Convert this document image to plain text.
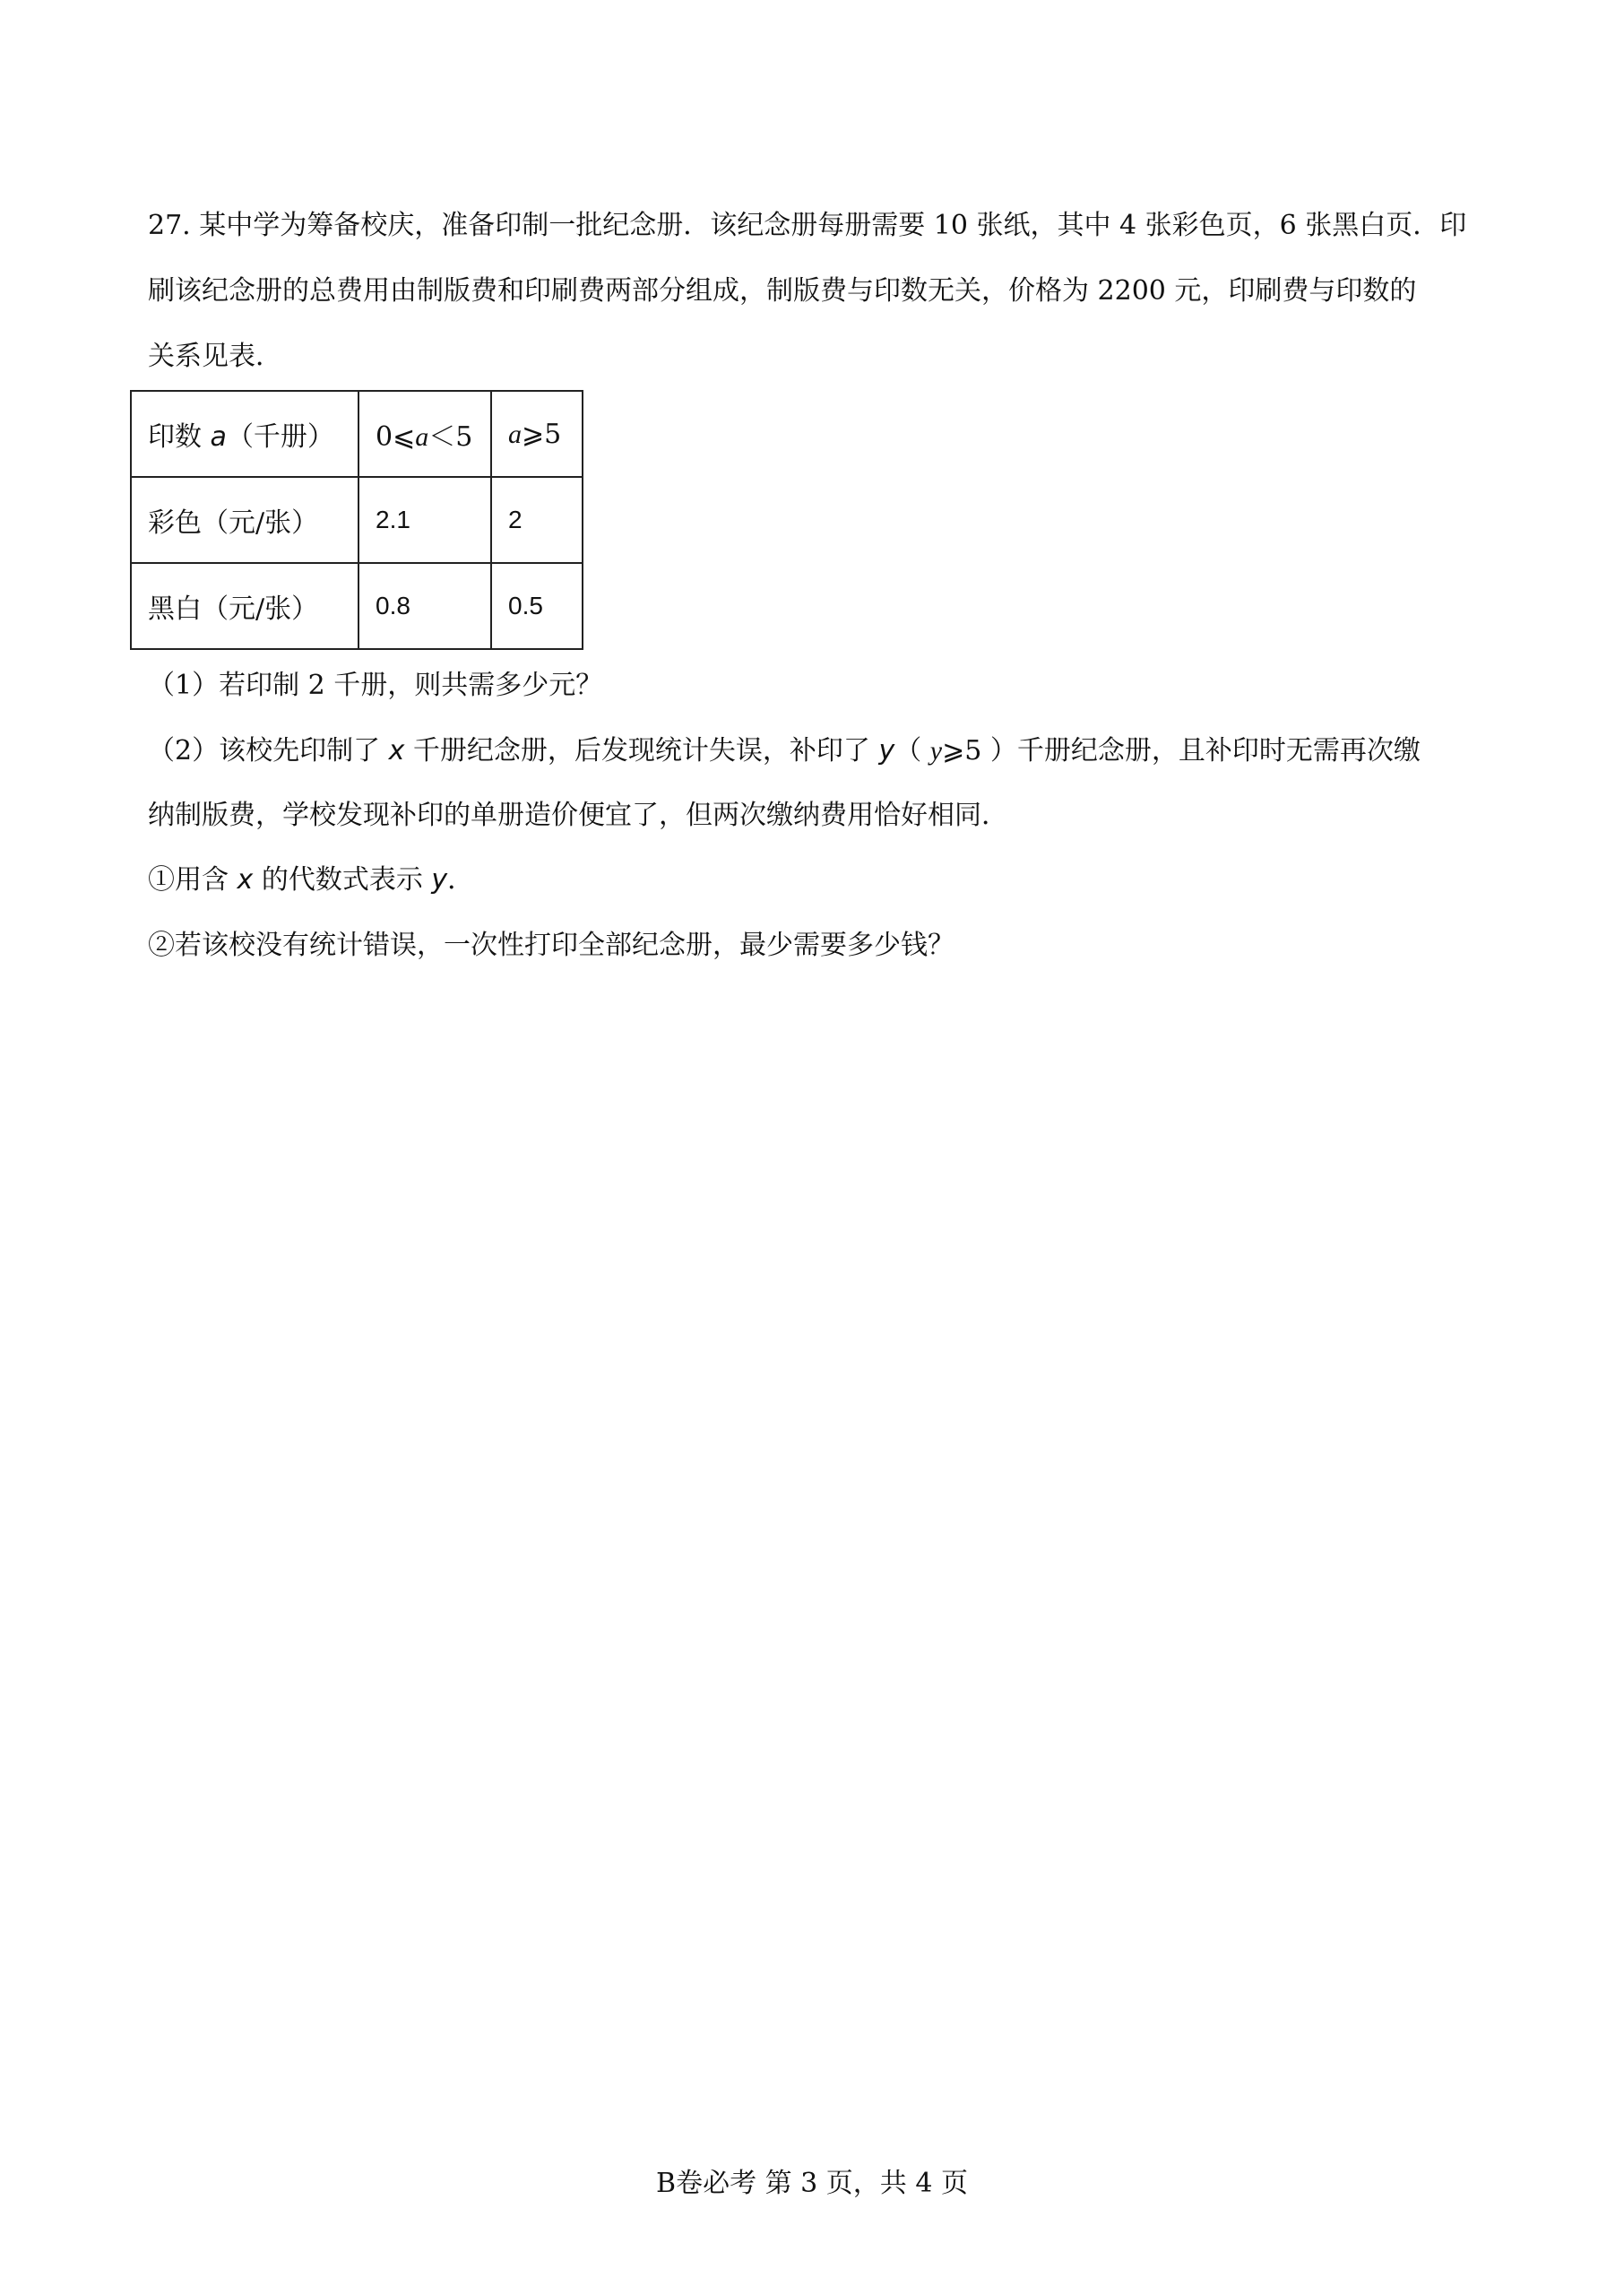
27. 某中学为筹备校庆，准备印制一批纪念册．该纪念册每册需要 10 张纸，其中 4 张彩色页，6 张黑白页．印
刷该纪念册的总费用由制版费和印刷费两部分组成，制版费与印数无关，价格为 2200 元，印刷费与印数的
关系见表．
印数 a（千册）	0⩽a＜5	a⩾5
彩色（元/张）	2.1	2
黑白（元/张）	0.8	0.5
（1）若印制 2 千册，则共需多少元？
（2）该校先印制了 x 千册纪念册，后发现统计失误，补印了 y（ y⩾5 ）千册纪念册，且补印时无需再次缴
纳制版费，学校发现补印的单册造价便宜了，但两次缴纳费用恰好相同．
①用含 x 的代数式表示 y．
②若该校没有统计错误，一次性打印全部纪念册，最少需要多少钱？
B卷必考 第 3 页，共 4 页
